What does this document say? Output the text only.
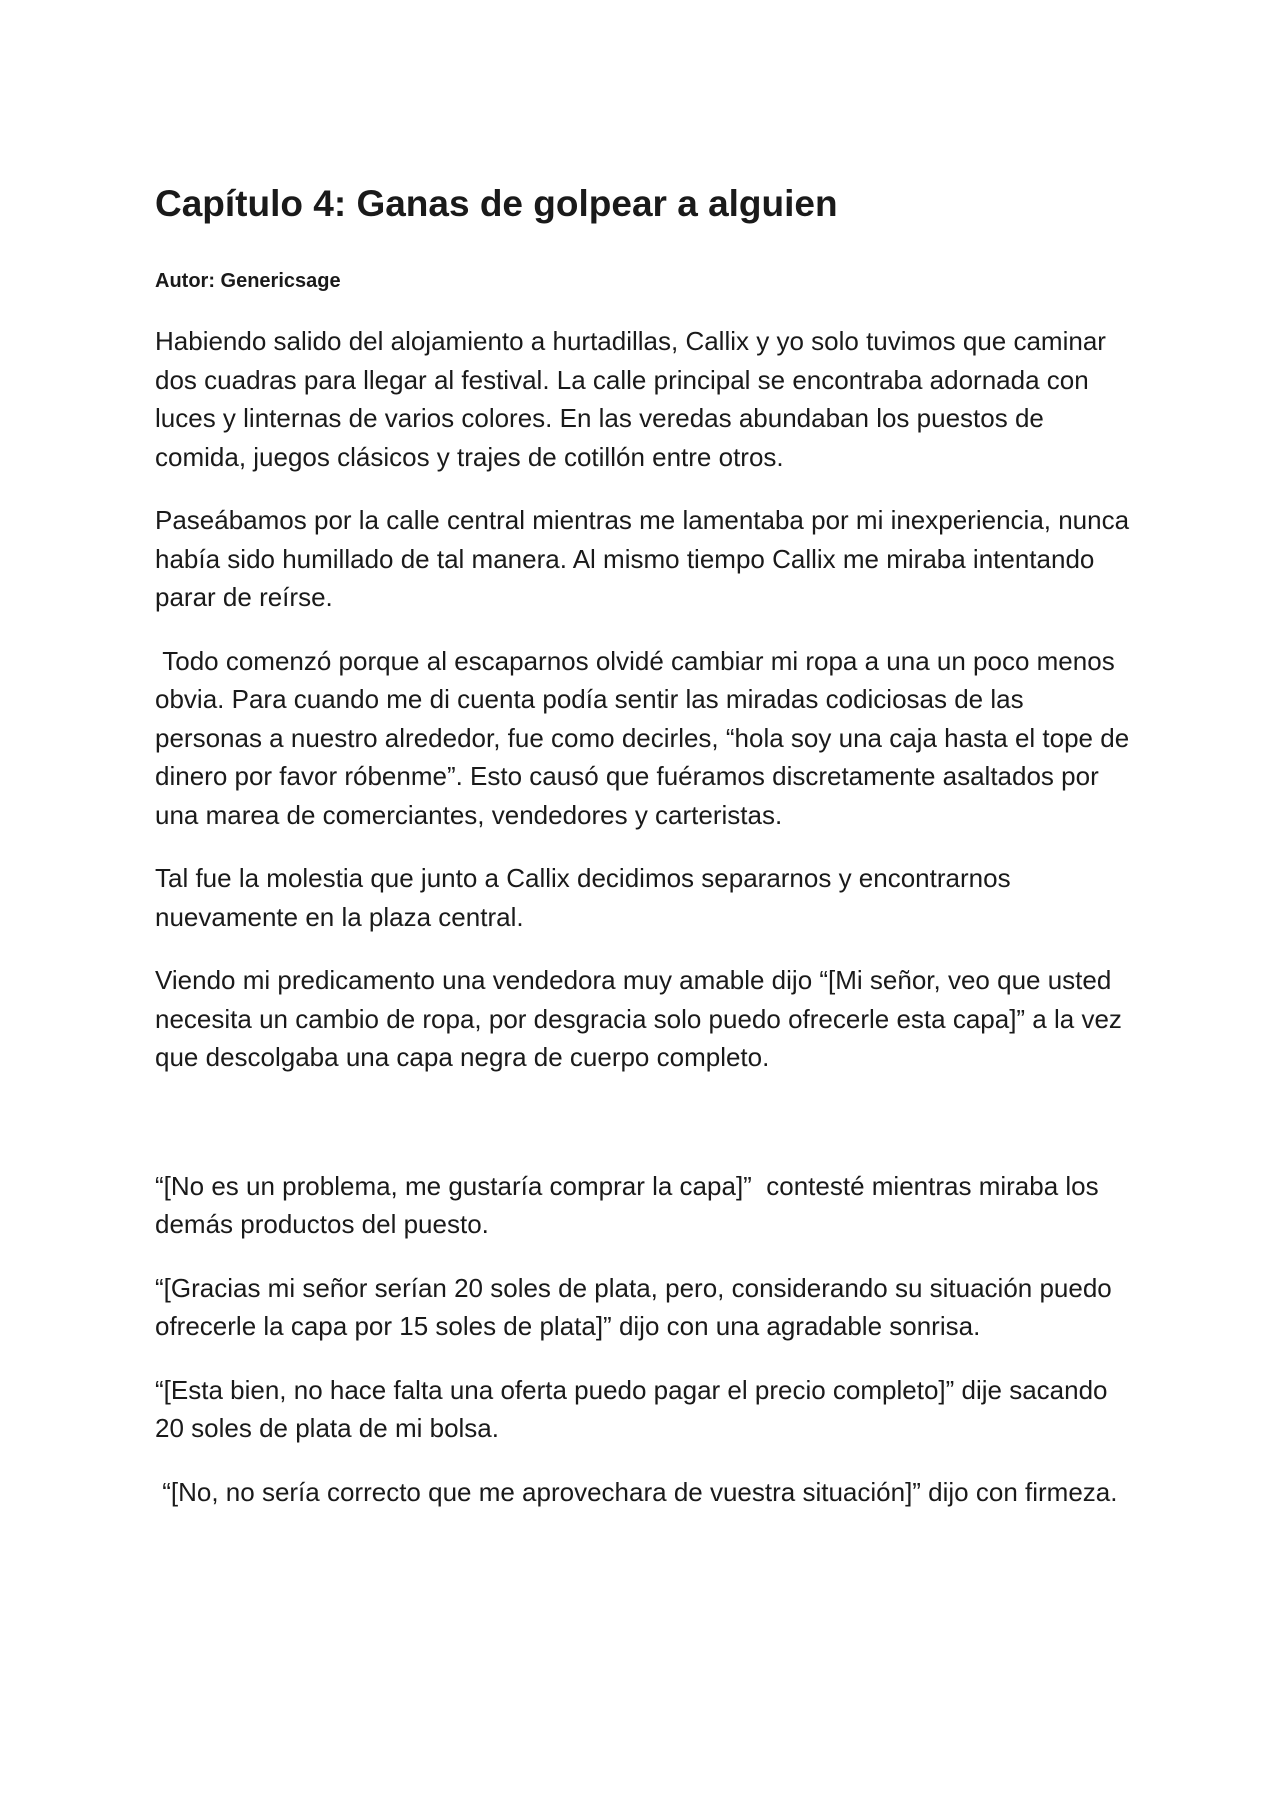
Capítulo 4: Ganas de golpear a alguien
Autor: Genericsage

Habiendo salido del alojamiento a hurtadillas, Callix y yo solo tuvimos que caminar dos cuadras para llegar al festival. La calle principal se encontraba adornada con luces y linternas de varios colores. En las veredas abundaban los puestos de comida, juegos clásicos y trajes de cotillón entre otros.

Paseábamos por la calle central mientras me lamentaba por mi inexperiencia, nunca había sido humillado de tal manera. Al mismo tiempo Callix me miraba intentando parar de reírse.

Todo comenzó porque al escaparnos olvidé cambiar mi ropa a una un poco menos obvia. Para cuando me di cuenta podía sentir las miradas codiciosas de las personas a nuestro alrededor, fue como decirles, “hola soy una caja hasta el tope de dinero por favor róbenme”. Esto causó que fuéramos discretamente asaltados por una marea de comerciantes, vendedores y carteristas.

Tal fue la molestia que junto a Callix decidimos separarnos y encontrarnos nuevamente en la plaza central.

Viendo mi predicamento una vendedora muy amable dijo “[Mi señor, veo que usted necesita un cambio de ropa, por desgracia solo puedo ofrecerle esta capa]” a la vez que descolgaba una capa negra de cuerpo completo.

“[No es un problema, me gustaría comprar la capa]”  contesté mientras miraba los demás productos del puesto.

“[Gracias mi señor serían 20 soles de plata, pero, considerando su situación puedo ofrecerle la capa por 15 soles de plata]” dijo con una agradable sonrisa.

“[Esta bien, no hace falta una oferta puedo pagar el precio completo]” dije sacando 20 soles de plata de mi bolsa.

“[No, no sería correcto que me aprovechara de vuestra situación]” dijo con firmeza.
